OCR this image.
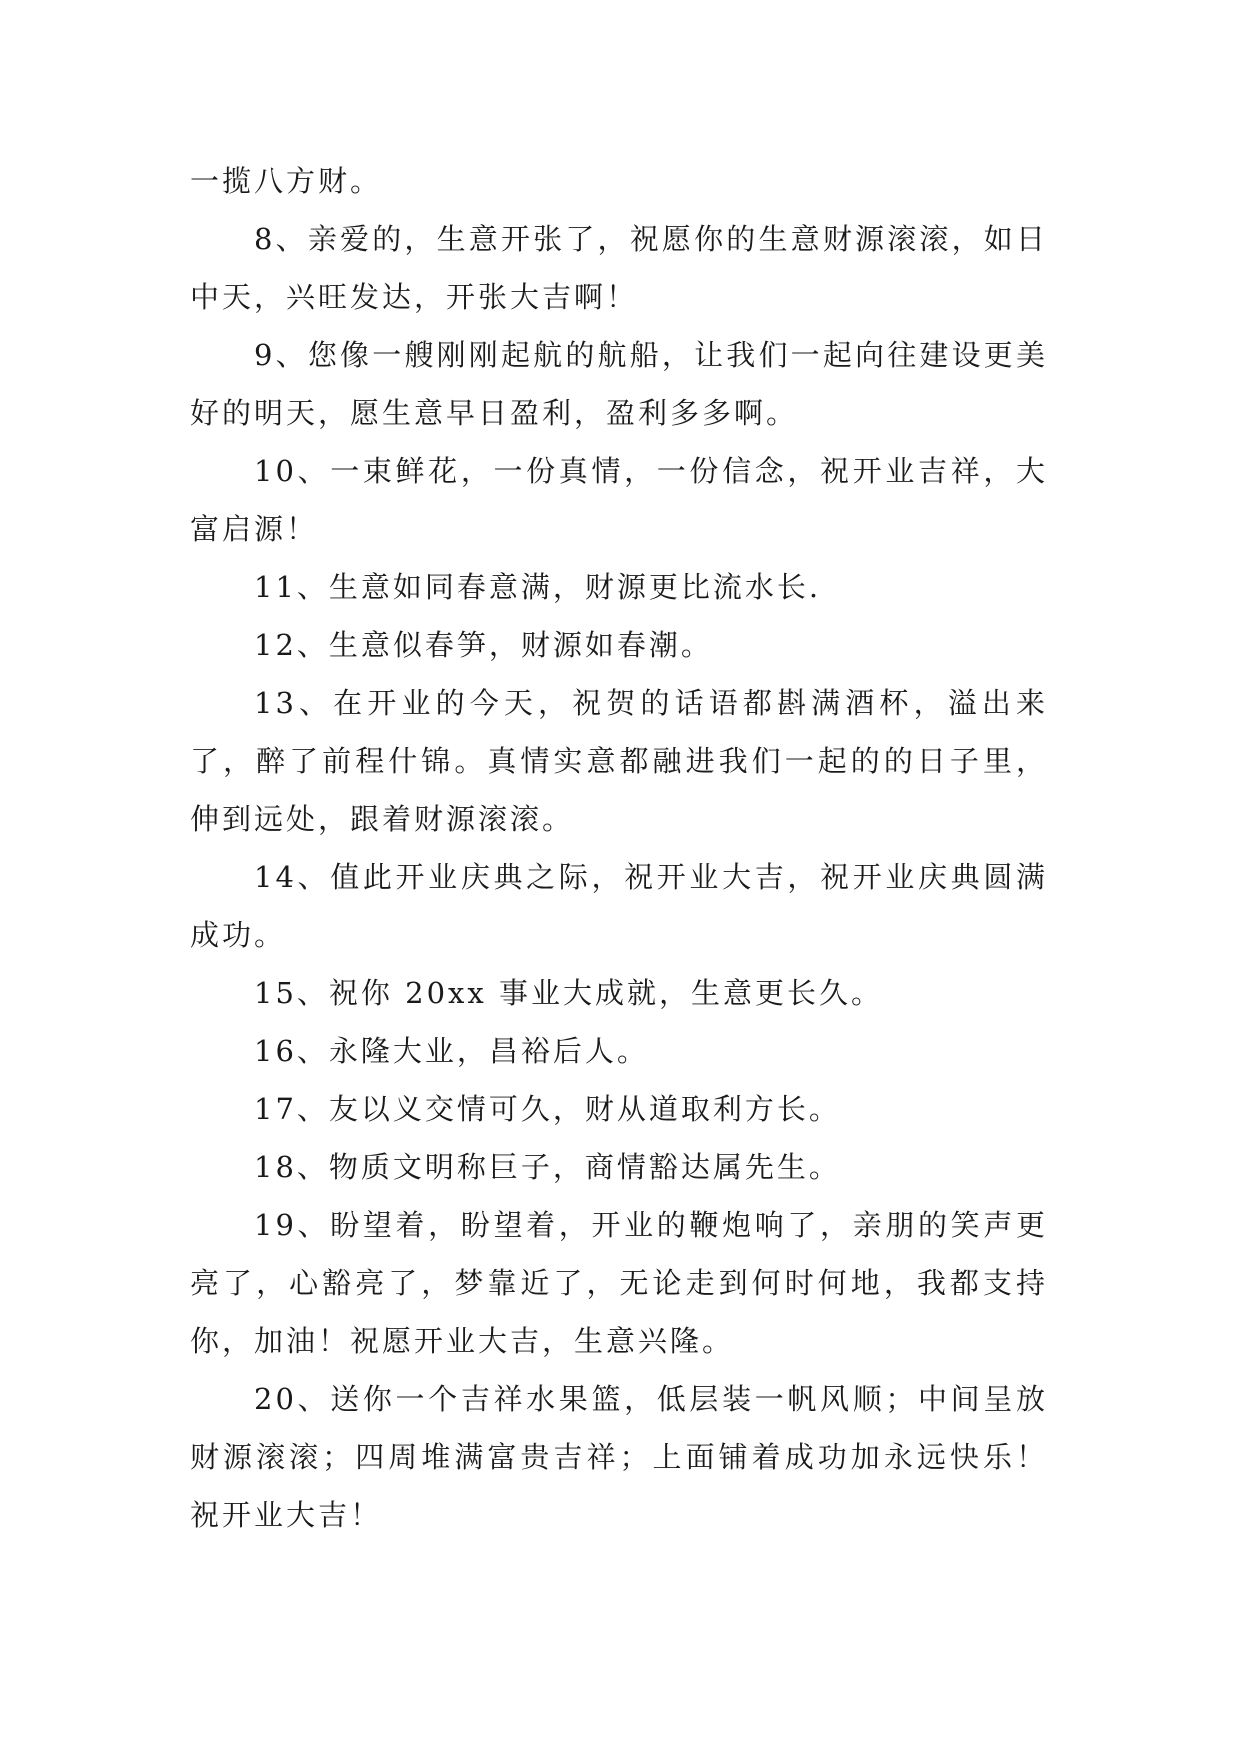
一揽八方财。

8、亲爱的，生意开张了，祝愿你的生意财源滚滚，如日中天，兴旺发达，开张大吉啊！

9、您像一艘刚刚起航的航船，让我们一起向往建设更美好的明天，愿生意早日盈利，盈利多多啊。

10、一束鲜花，一份真情，一份信念，祝开业吉祥，大富启源！

11、生意如同春意满，财源更比流水长.

12、生意似春笋，财源如春潮。

13、在开业的今天，祝贺的话语都斟满酒杯，溢出来了，醉了前程什锦。真情实意都融进我们一起的的日子里，伸到远处，跟着财源滚滚。

14、值此开业庆典之际，祝开业大吉，祝开业庆典圆满成功。

15、祝你 20xx 事业大成就，生意更长久。

16、永隆大业，昌裕后人。

17、友以义交情可久，财从道取利方长。

18、物质文明称巨子，商情豁达属先生。

19、盼望着，盼望着，开业的鞭炮响了，亲朋的笑声更亮了，心豁亮了，梦靠近了，无论走到何时何地，我都支持你，加油！祝愿开业大吉，生意兴隆。

20、送你一个吉祥水果篮，低层装一帆风顺；中间呈放财源滚滚；四周堆满富贵吉祥；上面铺着成功加永远快乐！祝开业大吉！
